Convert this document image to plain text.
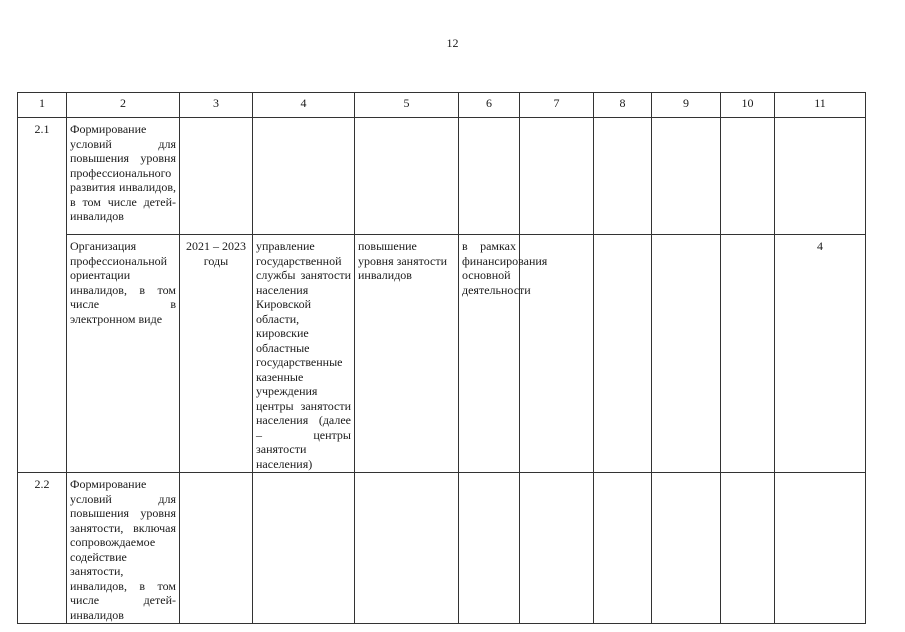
12
1	2	3	4	5	6	7	8	9	10	11
2.1	Формирование условий для повышения уровня профессионального развития инвалидов, в том числе детей-инвалидов									
	Организация профессиональной ориентации инвалидов, в том числе в электронном виде	2021 – 2023 годы	управление государственной службы занятости населения Кировской области, кировские областные государственные казенные учреждения центры занятости населения (далее – центры занятости населения)	повышение уровня занятости инвалидов	в рамках финансирования основной деятельности					4
2.2	Формирование условий для повышения уровня занятости, включая сопровождаемое содействие занятости, инвалидов, в том числе детей-инвалидов									
